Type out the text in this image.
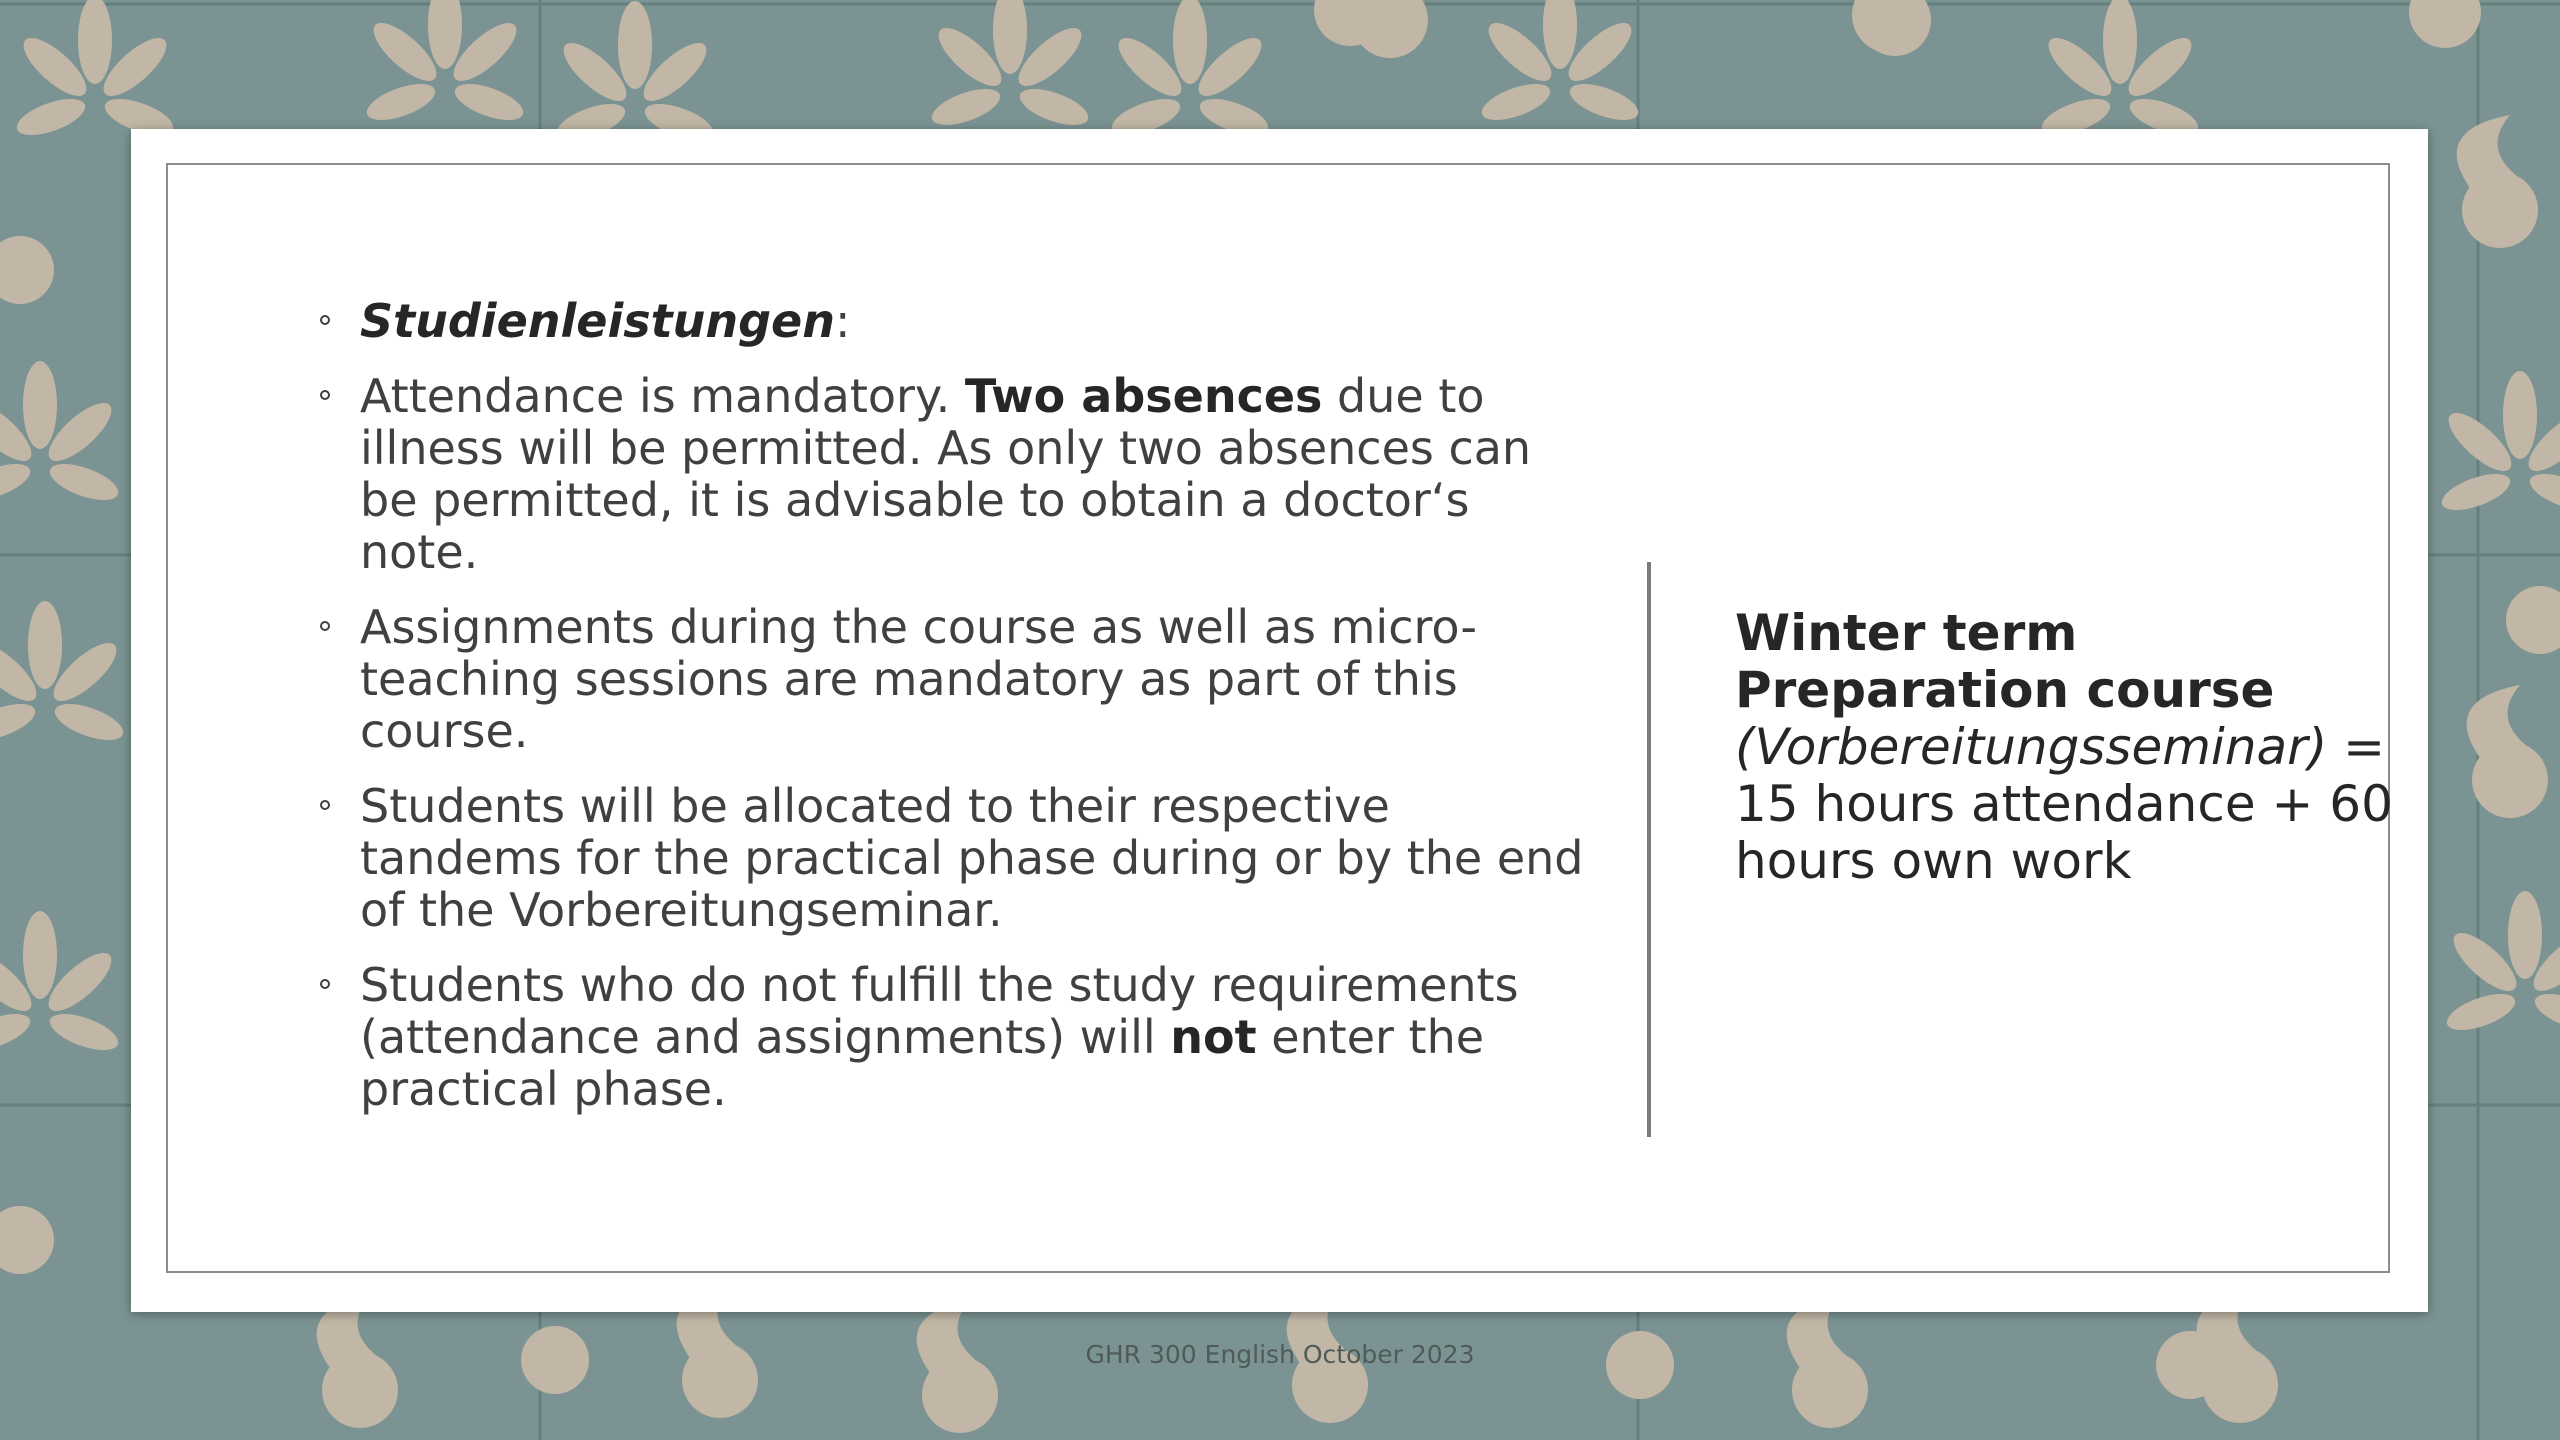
Studienleistungen:
Attendance is mandatory. Two absences due to illness will be permitted. As only two absences can be permitted, it is advisable to obtain a doctor‘s note.
Assignments during the course as well as micro-teaching sessions are mandatory as part of this course.
Students will be allocated to their respective tandems for the practical phase during or by the end of the Vorbereitungseminar.
Students who do not fulfill the study requirements (attendance and assignments) will not enter the practical phase.
Winter term
Preparation course
(Vorbereitungsseminar) = 15 hours attendance + 60 hours own work
GHR 300 English October 2023
